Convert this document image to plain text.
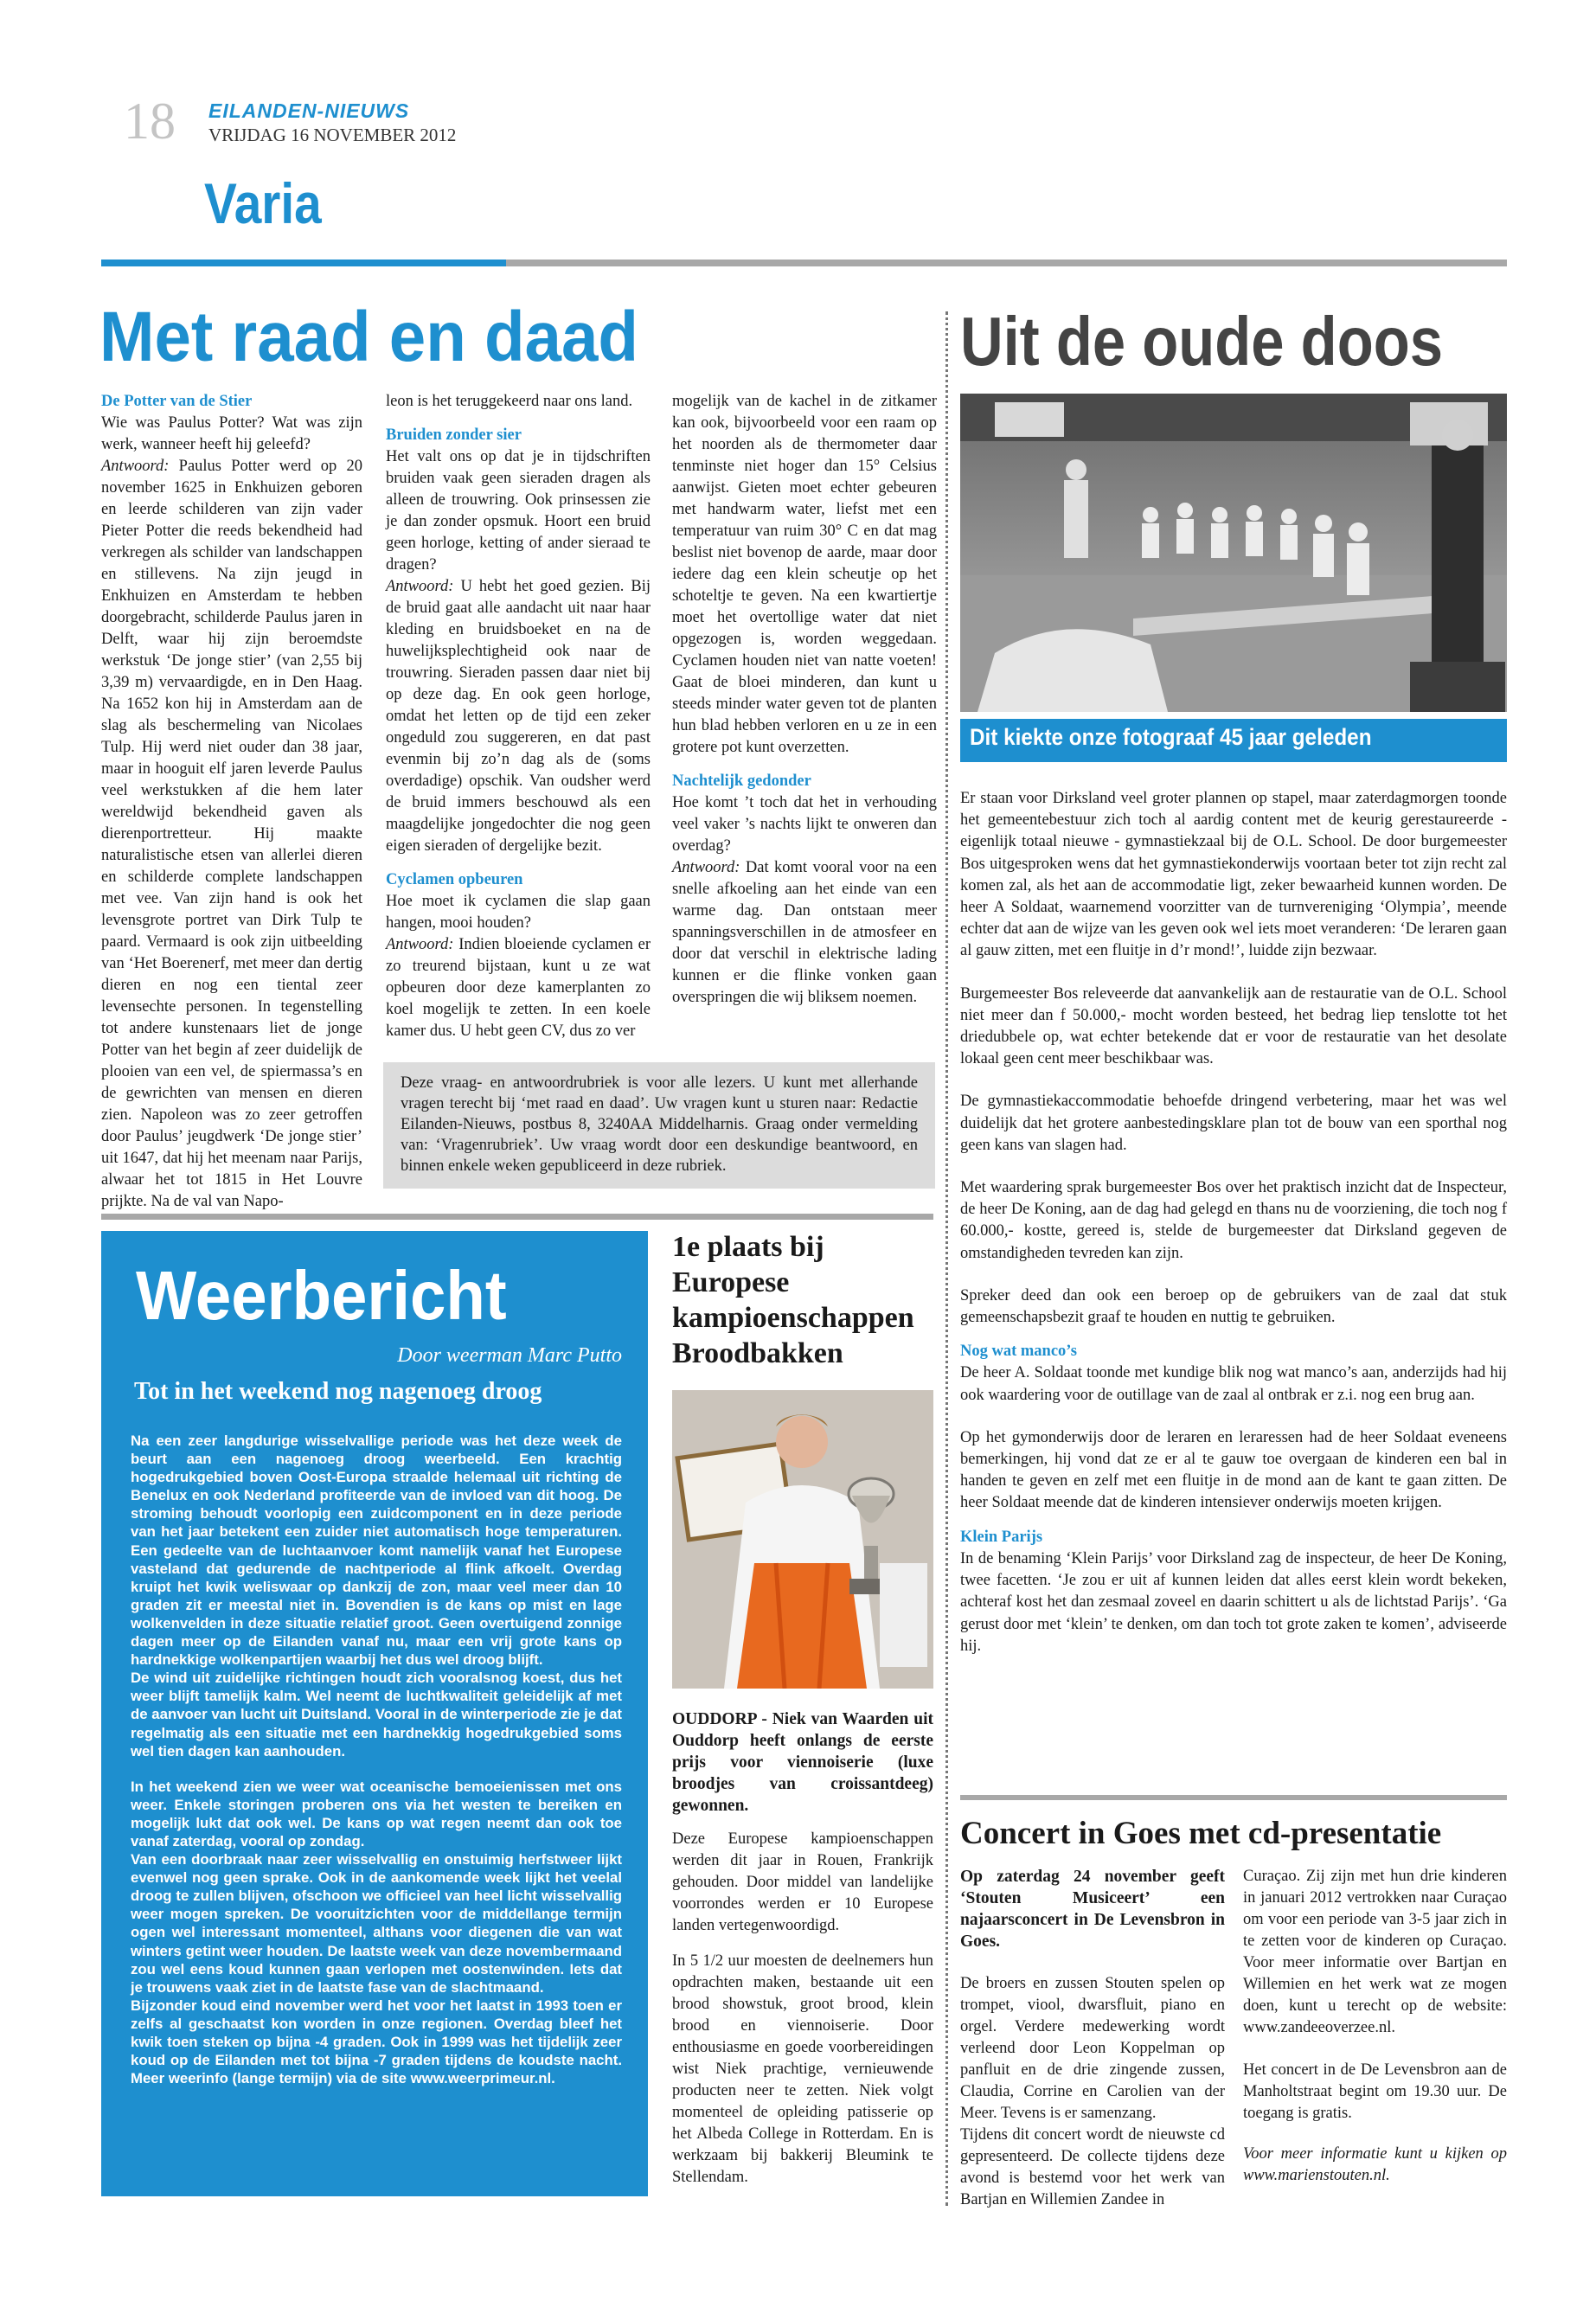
18 EILANDEN-NIEUWS
VRIJDAG 16 NOVEMBER 2012
Varia
Met raad en daad

De Potter van de Stier

Wie was Paulus Potter? Wat was zijn werk, wanneer heeft hij geleefd?

Antwoord: Paulus Potter werd op 20 november 1625 in Enkhuizen geboren en leerde schilderen van zijn vader Pieter Potter die reeds bekendheid had verkregen als schilder van landschappen en stillevens. Na zijn jeugd in Enkhuizen en Amsterdam te hebben doorgebracht, schilderde Paulus jaren in Delft, waar hij zijn beroemdste werkstuk ‘De jonge stier’ (van 2,55 bij 3,39 m) vervaardigde, en in Den Haag. Na 1652 kon hij in Amsterdam aan de slag als beschermeling van Nicolaes Tulp. Hij werd niet ouder dan 38 jaar, maar in hooguit elf jaren leverde Paulus veel werkstukken af die hem later wereldwijd bekendheid gaven als dierenportretteur. Hij maakte naturalistische etsen van allerlei dieren en schilderde complete landschappen met vee. Van zijn hand is ook het levensgrote portret van Dirk Tulp te paard. Vermaard is ook zijn uitbeelding van ‘Het Boerenerf, met meer dan dertig dieren en nog een tiental zeer levensechte personen. In tegenstelling tot andere kunstenaars liet de jonge Potter van het begin af zeer duidelijk de plooien van een vel, de spiermassa’s en de gewrichten van mensen en dieren zien. Napoleon was zo zeer getroffen door Paulus’ jeugdwerk ‘De jonge stier’ uit 1647, dat hij het meenam naar Parijs, alwaar het tot 1815 in Het Louvre prijkte. Na de val van Napo-

leon is het teruggekeerd naar ons land.

Bruiden zonder sier

Het valt ons op dat je in tijdschriften bruiden vaak geen sieraden dragen als alleen de trouwring. Ook prinsessen zie je dan zonder opsmuk. Hoort een bruid geen horloge, ketting of ander sieraad te dragen?

Antwoord: U hebt het goed gezien. Bij de bruid gaat alle aandacht uit naar haar kleding en bruidsboeket en na de huwelijksplechtigheid ook naar de trouwring. Sieraden passen daar niet bij op deze dag. En ook geen horloge, omdat het letten op de tijd een zeker ongeduld zou suggereren, en dat past evenmin bij zo’n dag als de (soms overdadige) opschik. Van oudsher werd de bruid immers beschouwd als een maagdelijke jongedochter die nog geen eigen sieraden of dergelijke bezit.

Cyclamen opbeuren

Hoe moet ik cyclamen die slap gaan hangen, mooi houden?

Antwoord: Indien bloeiende cyclamen er zo treurend bijstaan, kunt u ze wat opbeuren door deze kamerplanten zo koel mogelijk te zetten. In een koele kamer dus. U hebt geen CV, dus zo ver

mogelijk van de kachel in de zitkamer kan ook, bijvoorbeeld voor een raam op het noorden als de thermometer daar tenminste niet hoger dan 15° Celsius aanwijst. Gieten moet echter gebeuren met handwarm water, liefst met een temperatuur van ruim 30° C en dat mag beslist niet bovenop de aarde, maar door iedere dag een klein scheutje op het schoteltje te geven. Na een kwartiertje moet het overtollige water dat niet opgezogen is, worden weggedaan. Cyclamen houden niet van natte voeten! Gaat de bloei minderen, dan kunt u steeds minder water geven tot de planten hun blad hebben verloren en u ze in een grotere pot kunt overzetten.

Nachtelijk gedonder

Hoe komt ’t toch dat het in verhouding veel vaker ’s nachts lijkt te onweren dan overdag?

Antwoord: Dat komt vooral voor na een snelle afkoeling aan het einde van een warme dag. Dan ontstaan meer spanningsverschillen in de atmosfeer en door dat verschil in elektrische lading kunnen er die flinke vonken gaan overspringen die wij bliksem noemen.

Deze vraag- en antwoordrubriek is voor alle lezers. U kunt met allerhande vragen terecht bij ‘met raad en daad’. Uw vragen kunt u sturen naar: Redactie Eilanden-Nieuws, postbus 8, 3240AA Middelharnis. Graag onder vermelding van: ‘Vragenrubriek’. Uw vraag wordt door een deskundige beantwoord, en binnen enkele weken gepubliceerd in deze rubriek.

Weerbericht
Door weerman Marc Putto
Tot in het weekend nog nagenoeg droog

Na een zeer langdurige wisselvallige periode was het deze week de beurt aan een nagenoeg droog weerbeeld. Een krachtig hogedrukgebied boven Oost-Europa straalde helemaal uit richting de Benelux en ook Nederland profiteerde van de invloed van dit hoog. De stroming behoudt voorlopig een zuidcomponent en in deze periode van het jaar betekent een zuider niet automatisch hoge temperaturen. Een gedeelte van de luchtaanvoer komt namelijk vanaf het Europese vasteland dat gedurende de nachtperiode al flink afkoelt. Overdag kruipt het kwik weliswaar op dankzij de zon, maar veel meer dan 10 graden zit er meestal niet in. Bovendien is de kans op mist en lage wolkenvelden in deze situatie relatief groot. Geen overtuigend zonnige dagen meer op de Eilanden vanaf nu, maar een vrij grote kans op hardnekkige wolkenpartijen waarbij het dus wel droog blijft.

De wind uit zuidelijke richtingen houdt zich vooralsnog koest, dus het weer blijft tamelijk kalm. Wel neemt de luchtkwaliteit geleidelijk af met de aanvoer van lucht uit Duitsland. Vooral in de winterperiode zie je dat regelmatig als een situatie met een hardnekkig hogedrukgebied soms wel tien dagen kan aanhouden.

In het weekend zien we weer wat oceanische bemoeienissen met ons weer. Enkele storingen proberen ons via het westen te bereiken en mogelijk lukt dat ook wel. De kans op wat regen neemt dan ook toe vanaf zaterdag, vooral op zondag.

Van een doorbraak naar zeer wisselvallig en onstuimig herfstweer lijkt evenwel nog geen sprake. Ook in de aankomende week lijkt het veelal droog te zullen blijven, ofschoon we officieel van heel licht wisselvallig weer mogen spreken. De vooruitzichten voor de middellange termijn ogen wel interessant momenteel, althans voor diegenen die van wat winters getint weer houden. De laatste week van deze novembermaand zou wel eens koud kunnen gaan verlopen met oostenwinden. Iets dat je trouwens vaak ziet in de laatste fase van de slachtmaand.

Bijzonder koud eind november werd het voor het laatst in 1993 toen er zelfs al geschaatst kon worden in onze regionen. Overdag bleef het kwik toen steken op bijna -4 graden. Ook in 1999 was het tijdelijk zeer koud op de Eilanden met tot bijna -7 graden tijdens de koudste nacht. Meer weerinfo (lange termijn) via de site www.weerprimeur.nl.

1e plaats bij Europese kampioenschappen Broodbakken

OUDDORP - Niek van Waarden uit Ouddorp heeft onlangs de eerste prijs voor viennoiserie (luxe broodjes van croissantdeeg) gewonnen.

Deze Europese kampioenschappen werden dit jaar in Rouen, Frankrijk gehouden. Door middel van landelijke voorrondes werden er 10 Europese landen vertegenwoordigd.

In 5 1/2 uur moesten de deelnemers hun opdrachten maken, bestaande uit een brood showstuk, groot brood, klein brood en viennoiserie. Door enthousiasme en goede voorbereidingen wist Niek prachtige, vernieuwende producten neer te zetten. Niek volgt momenteel de opleiding patisserie op het Albeda College in Rotterdam. En is werkzaam bij bakkerij Bleumink te Stellendam.

Uit de oude doos
Dit kiekte onze fotograaf 45 jaar geleden

Er staan voor Dirksland veel groter plannen op stapel, maar zaterdagmorgen toonde het gemeentebestuur zich toch al aardig content met de keurig gerestaureerde - eigenlijk totaal nieuwe - gymnastiekzaal bij de O.L. School. De door burgemeester Bos uitgesproken wens dat het gymnastiekonderwijs voortaan beter tot zijn recht zal komen zal, als het aan de accommodatie ligt, zeker bewaarheid kunnen worden. De heer A Soldaat, waarnemend voorzitter van de turnvereniging ‘Olympia’, meende echter dat aan de wijze van les geven ook wel iets moet veranderen: ‘De leraren gaan al gauw zitten, met een fluitje in d’r mond!’, luidde zijn bezwaar.

Burgemeester Bos releveerde dat aanvankelijk aan de restauratie van de O.L. School niet meer dan f 50.000,- mocht worden besteed, het bedrag liep tenslotte tot het driedubbele op, wat echter betekende dat er voor de restauratie van het desolate lokaal geen cent meer beschikbaar was.

De gymnastiekaccommodatie behoefde dringend verbetering, maar het was wel duidelijk dat het grotere aanbestedingsklare plan tot de bouw van een sporthal nog geen kans van slagen had.

Met waardering sprak burgemeester Bos over het praktisch inzicht dat de Inspecteur, de heer De Koning, aan de dag had gelegd en thans nu de voorziening, die toch nog f 60.000,- kostte, gereed is, stelde de burgemeester dat Dirksland gegeven de omstandigheden tevreden kan zijn.

Spreker deed dan ook een beroep op de gebruikers van de zaal dat stuk gemeenschapsbezit graaf te houden en nuttig te gebruiken.

Nog wat manco’s

De heer A. Soldaat toonde met kundige blik nog wat manco’s aan, anderzijds had hij ook waardering voor de outillage van de zaal al ontbrak er z.i. nog een brug aan.

Op het gymonderwijs door de leraren en leraressen had de heer Soldaat eveneens bemerkingen, hij vond dat ze er al te gauw toe overgaan de kinderen een bal in handen te geven en zelf met een fluitje in de mond aan de kant te gaan zitten. De heer Soldaat meende dat de kinderen intensiever onderwijs moeten krijgen.

Klein Parijs

In de benaming ‘Klein Parijs’ voor Dirksland zag de inspecteur, de heer De Koning, twee facetten. ‘Je zou er uit af kunnen leiden dat alles eerst klein wordt bekeken, achteraf kost het dan zesmaal zoveel en daarin schittert u als de lichtstad Parijs’. ‘Ga gerust door met ‘klein’ te denken, om dan toch tot grote zaken te komen’, adviseerde hij.

Concert in Goes met cd-presentatie

Op zaterdag 24 november geeft ‘Stouten Musiceert’ een najaarsconcert in De Levensbron in Goes.

De broers en zussen Stouten spelen op trompet, viool, dwarsfluit, piano en orgel. Verdere medewerking wordt verleend door Leon Koppelman op panfluit en de drie zingende zussen, Claudia, Corrine en Carolien van der Meer. Tevens is er samenzang.

Tijdens dit concert wordt de nieuwste cd gepresenteerd. De collecte tijdens deze avond is bestemd voor het werk van Bartjan en Willemien Zandee in

Curaçao. Zij zijn met hun drie kinderen in januari 2012 vertrokken naar Curaçao om voor een periode van 3-5 jaar zich in te zetten voor de kinderen op Curaçao. Voor meer informatie over Bartjan en Willemien en het werk wat ze mogen doen, kunt u terecht op de website: www.zandeeoverzee.nl.

Het concert in de De Levensbron aan de Manholtstraat begint om 19.30 uur. De toegang is gratis.

Voor meer informatie kunt u kijken op www.marienstouten.nl.
